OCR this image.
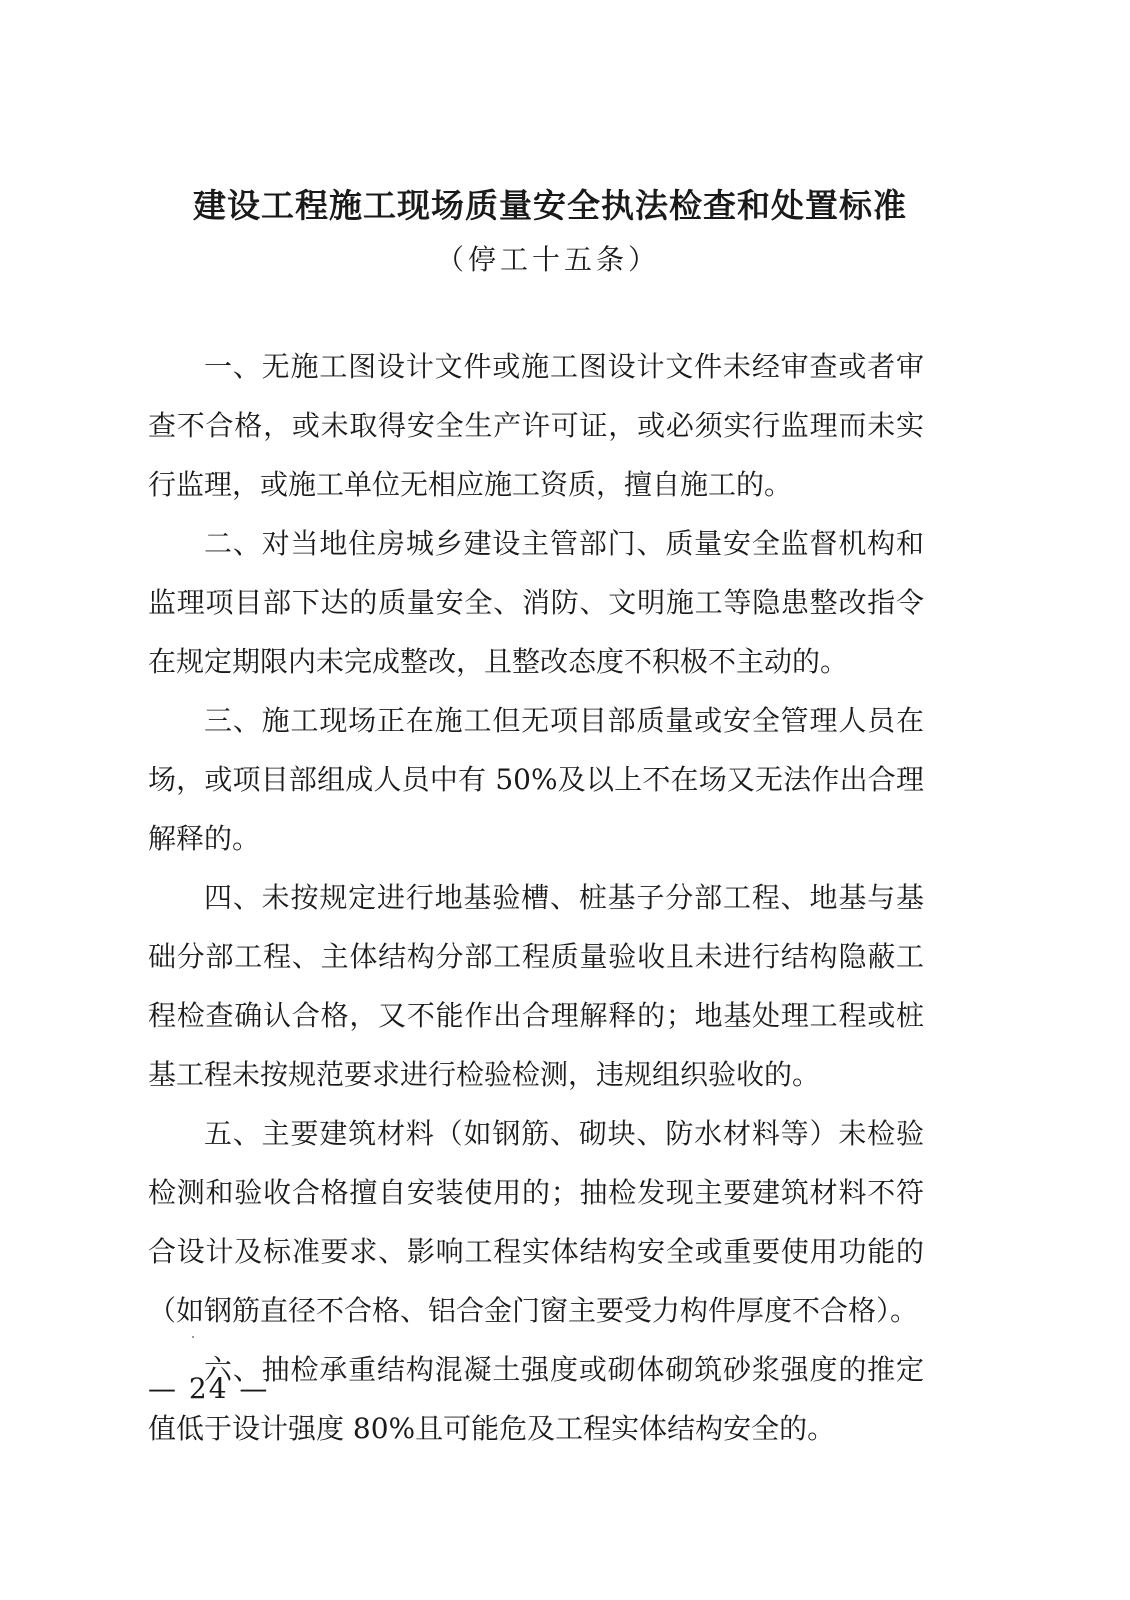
建设工程施工现场质量安全执法检查和处置标准
（停工十五条）

一、无施工图设计文件或施工图设计文件未经审查或者审查不合格，或未取得安全生产许可证，或必须实行监理而未实行监理，或施工单位无相应施工资质，擅自施工的。

二、对当地住房城乡建设主管部门、质量安全监督机构和监理项目部下达的质量安全、消防、文明施工等隐患整改指令在规定期限内未完成整改，且整改态度不积极不主动的。

三、施工现场正在施工但无项目部质量或安全管理人员在场，或项目部组成人员中有 50%及以上不在场又无法作出合理解释的。

四、未按规定进行地基验槽、桩基子分部工程、地基与基础分部工程、主体结构分部工程质量验收且未进行结构隐蔽工程检查确认合格，又不能作出合理解释的；地基处理工程或桩基工程未按规范要求进行检验检测，违规组织验收的。

五、主要建筑材料（如钢筋、砌块、防水材料等）未检验检测和验收合格擅自安装使用的；抽检发现主要建筑材料不符合设计及标准要求、影响工程实体结构安全或重要使用功能的（如钢筋直径不合格、铝合金门窗主要受力构件厚度不合格）。

六、抽检承重结构混凝土强度或砌体砌筑砂浆强度的推定值低于设计强度 80%且可能危及工程实体结构安全的。

— 24 —
